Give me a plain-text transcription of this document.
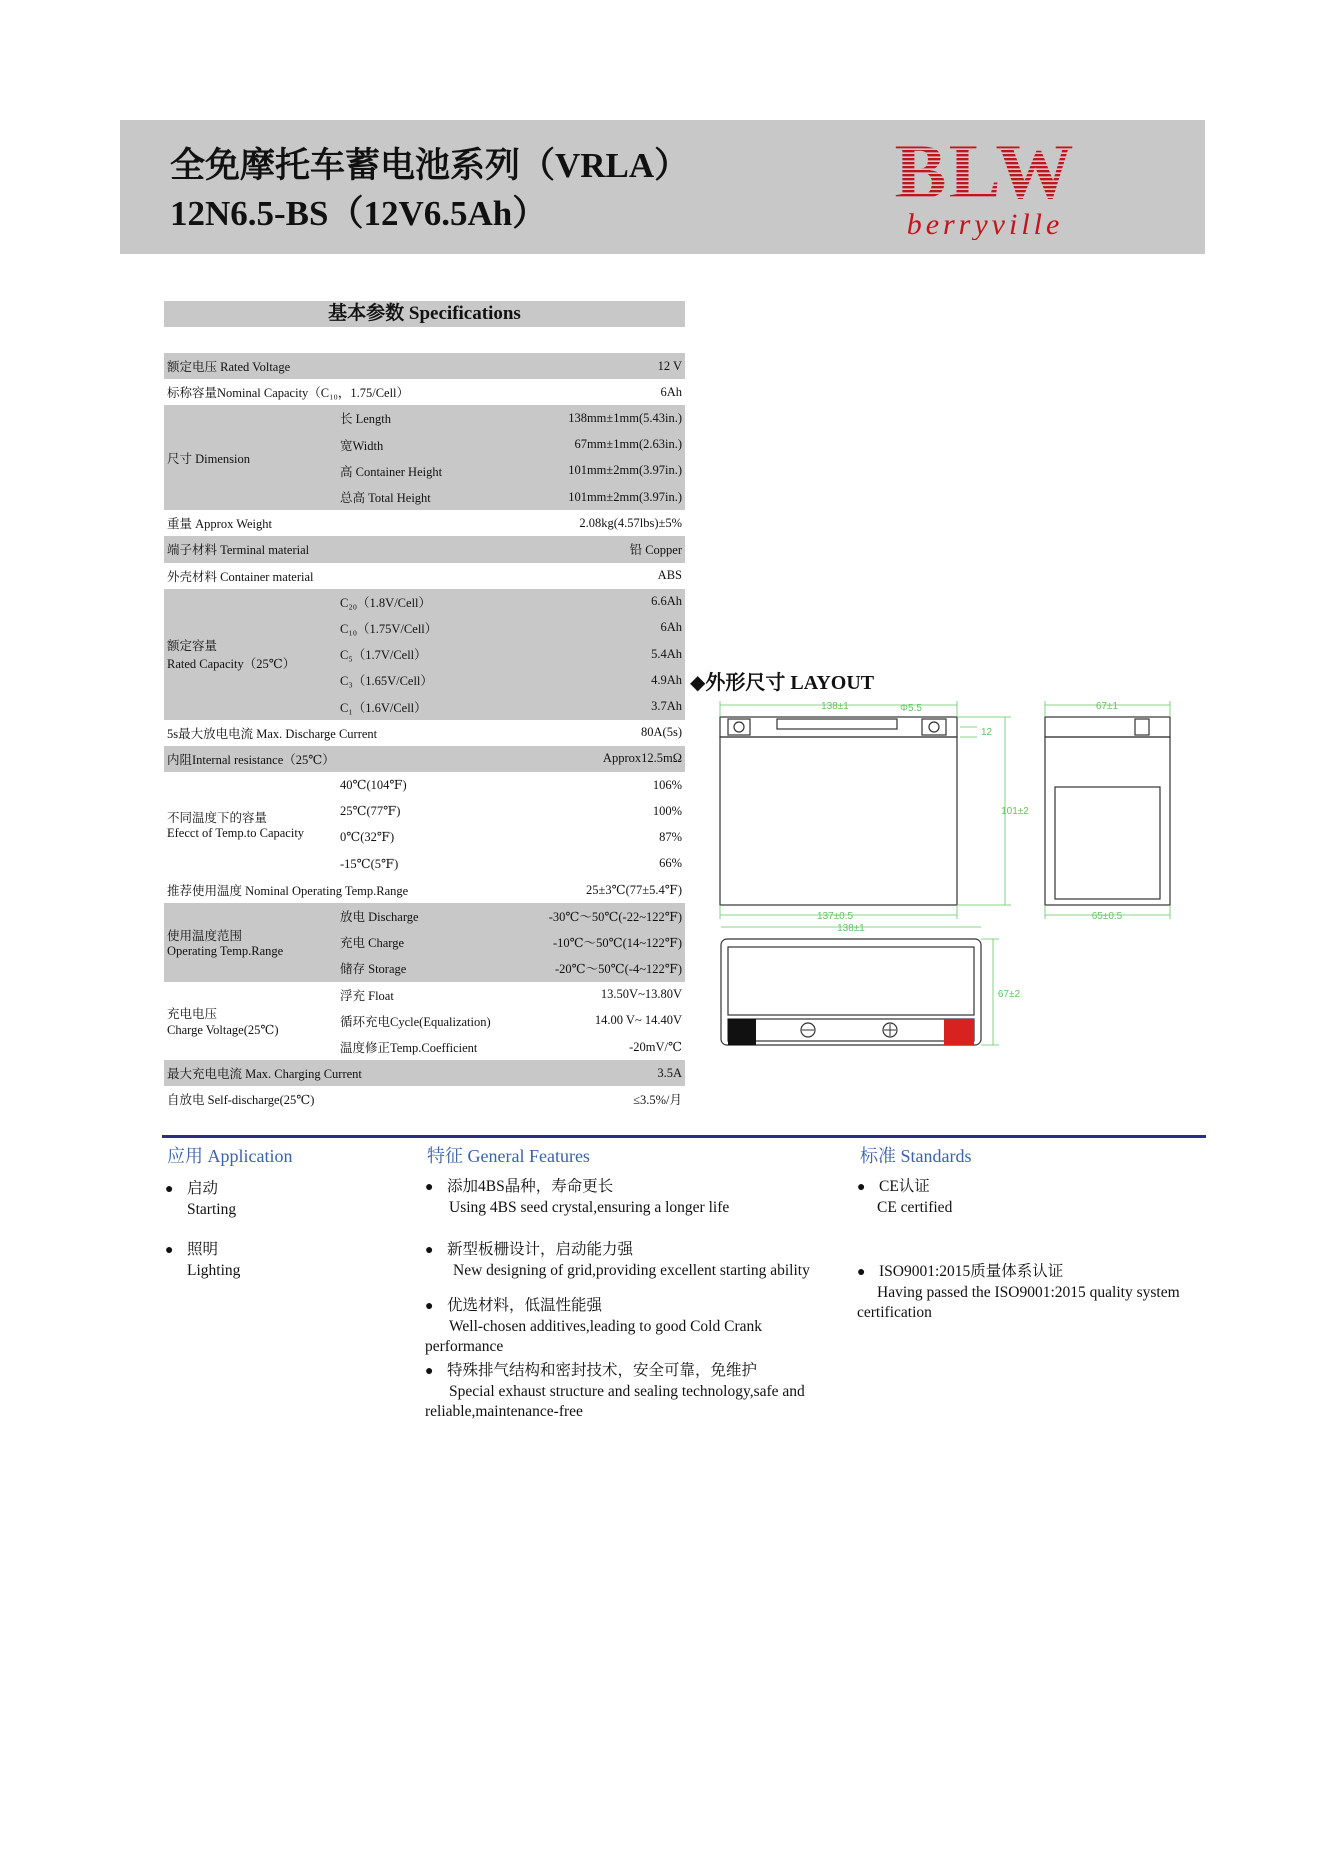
全免摩托车蓄电池系列（VRLA）
12N6.5-BS（12V6.5Ah）	BLW
berryville
基本参数 Specifications
额定电压 Rated Voltage		12 V
标称容量Nominal Capacity（C₁₀，1.75/Cell）		6Ah
尺寸 Dimension	长 Length	138mm±1mm(5.43in.)
	宽Width	67mm±1mm(2.63in.)
	高 Container Height	101mm±2mm(3.97in.)
	总高 Total Height	101mm±2mm(3.97in.)
重量 Approx Weight		2.08kg(4.57lbs)±5%
端子材料 Terminal material		铅 Copper
外壳材料 Container material		ABS
额定容量
Rated Capacity（25℃）	C₂₀（1.8V/Cell）	6.6Ah
	C₁₀（1.75V/Cell）	6Ah
	C₅（1.7V/Cell）	5.4Ah
	C₃（1.65V/Cell）	4.9Ah
	C₁（1.6V/Cell）	3.7Ah
5s最大放电电流 Max. Discharge Current		80A(5s)
内阻Internal resistance（25℃）		Approx12.5mΩ
不同温度下的容量
Efecct of Temp.to Capacity	40℃(104℉)	106%
	25℃(77℉)	100%
	0℃(32℉)	87%
	-15℃(5℉)	66%
推荐使用温度 Nominal Operating Temp.Range		25±3℃(77±5.4℉)
使用温度范围
Operating Temp.Range	放电 Discharge	-30℃～50℃(-22~122℉)
	充电 Charge	-10℃～50℃(14~122℉)
	储存 Storage	-20℃～50℃(-4~122℉)
充电电压
Charge Voltage(25℃)	浮充 Float	13.50V~13.80V
	循环充电Cycle(Equalization)	14.00 V~ 14.40V
	温度修正Temp.Coefficient	-20mV/℃
最大充电电流 Max. Charging Current		3.5A
自放电 Self-discharge(25℃)		≤3.5%/月
◆外形尺寸 LAYOUT
138±1	Φ5.5
12
67±1
101±2
137±0.5	65±0.5
138±1
67±2
应用 Application
● 启动
Starting
● 照明
Lighting
特征 General Features
● 添加4BS晶种，寿命更长
Using 4BS seed crystal,ensuring a longer life
● 新型板栅设计，启动能力强
New designing of grid,providing excellent starting ability
● 优选材料，低温性能强
Well-chosen additives,leading to good Cold Crank
performance
● 特殊排气结构和密封技术，安全可靠，免维护
Special exhaust structure and sealing technology,safe and
reliable,maintenance-free
标准 Standards
● CE认证
CE certified
● ISO9001:2015质量体系认证
Having passed the ISO9001:2015 quality system
certification
